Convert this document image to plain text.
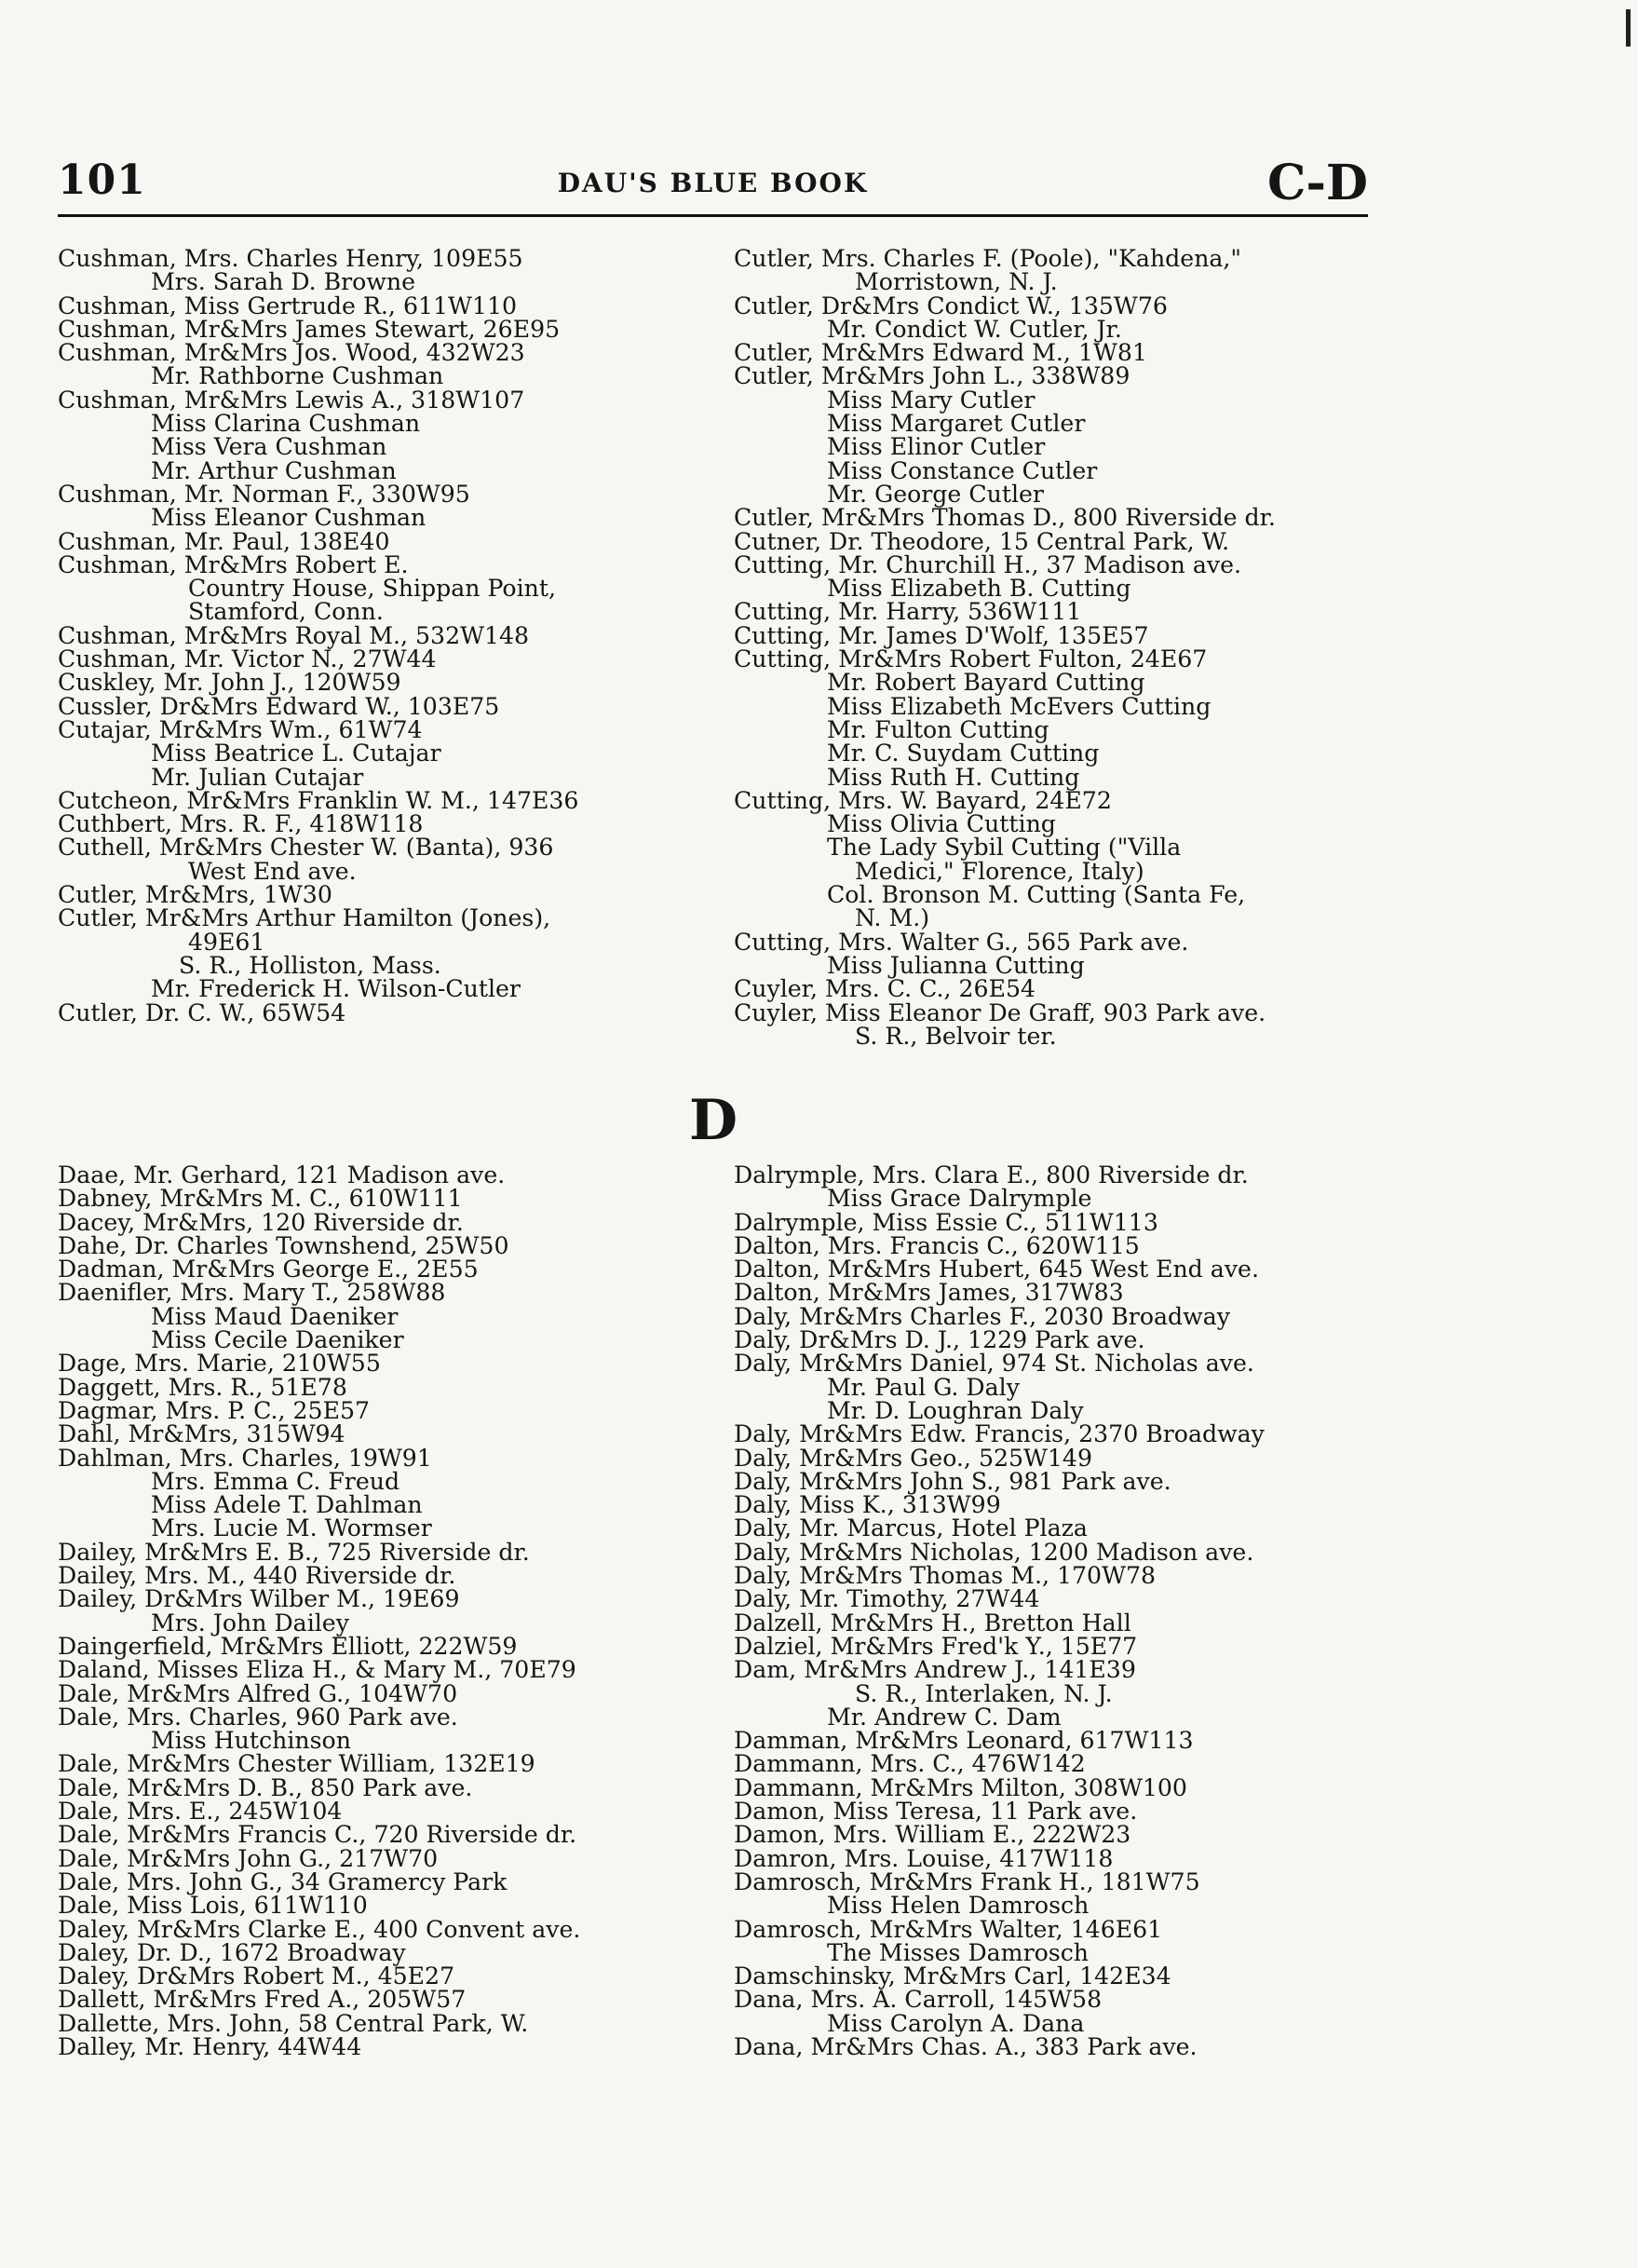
101	DAU'S BLUE BOOK	C-D
Cushman, Mrs. Charles Henry, 109E55
Mrs. Sarah D. Browne
Cushman, Miss Gertrude R., 611W110
Cushman, Mr&Mrs James Stewart, 26E95
Cushman, Mr&Mrs Jos. Wood, 432W23
Mr. Rathborne Cushman
Cushman, Mr&Mrs Lewis A., 318W107
Miss Clarina Cushman
Miss Vera Cushman
Mr. Arthur Cushman
Cushman, Mr. Norman F., 330W95
Miss Eleanor Cushman
Cushman, Mr. Paul, 138E40
Cushman, Mr&Mrs Robert E.
Country House, Shippan Point,
Stamford, Conn.
Cushman, Mr&Mrs Royal M., 532W148
Cushman, Mr. Victor N., 27W44
Cuskley, Mr. John J., 120W59
Cussler, Dr&Mrs Edward W., 103E75
Cutajar, Mr&Mrs Wm., 61W74
Miss Beatrice L. Cutajar
Mr. Julian Cutajar
Cutcheon, Mr&Mrs Franklin W. M., 147E36
Cuthbert, Mrs. R. F., 418W118
Cuthell, Mr&Mrs Chester W. (Banta), 936
West End ave.
Cutler, Mr&Mrs, 1W30
Cutler, Mr&Mrs Arthur Hamilton (Jones),
49E61
S. R., Holliston, Mass.
Mr. Frederick H. Wilson-Cutler
Cutler, Dr. C. W., 65W54
Cutler, Mrs. Charles F. (Poole), "Kahdena,"
Morristown, N. J.
Cutler, Dr&Mrs Condict W., 135W76
Mr. Condict W. Cutler, Jr.
Cutler, Mr&Mrs Edward M., 1W81
Cutler, Mr&Mrs John L., 338W89
Miss Mary Cutler
Miss Margaret Cutler
Miss Elinor Cutler
Miss Constance Cutler
Mr. George Cutler
Cutler, Mr&Mrs Thomas D., 800 Riverside dr.
Cutner, Dr. Theodore, 15 Central Park, W.
Cutting, Mr. Churchill H., 37 Madison ave.
Miss Elizabeth B. Cutting
Cutting, Mr. Harry, 536W111
Cutting, Mr. James D'Wolf, 135E57
Cutting, Mr&Mrs Robert Fulton, 24E67
Mr. Robert Bayard Cutting
Miss Elizabeth McEvers Cutting
Mr. Fulton Cutting
Mr. C. Suydam Cutting
Miss Ruth H. Cutting
Cutting, Mrs. W. Bayard, 24E72
Miss Olivia Cutting
The Lady Sybil Cutting ("Villa
Medici," Florence, Italy)
Col. Bronson M. Cutting (Santa Fe,
N. M.)
Cutting, Mrs. Walter G., 565 Park ave.
Miss Julianna Cutting
Cuyler, Mrs. C. C., 26E54
Cuyler, Miss Eleanor De Graff, 903 Park ave.
S. R., Belvoir ter.
D
Daae, Mr. Gerhard, 121 Madison ave.
Dabney, Mr&Mrs M. C., 610W111
Dacey, Mr&Mrs, 120 Riverside dr.
Dahe, Dr. Charles Townshend, 25W50
Dadman, Mr&Mrs George E., 2E55
Daenifler, Mrs. Mary T., 258W88
Miss Maud Daeniker
Miss Cecile Daeniker
Dage, Mrs. Marie, 210W55
Daggett, Mrs. R., 51E78
Dagmar, Mrs. P. C., 25E57
Dahl, Mr&Mrs, 315W94
Dahlman, Mrs. Charles, 19W91
Mrs. Emma C. Freud
Miss Adele T. Dahlman
Mrs. Lucie M. Wormser
Dailey, Mr&Mrs E. B., 725 Riverside dr.
Dailey, Mrs. M., 440 Riverside dr.
Dailey, Dr&Mrs Wilber M., 19E69
Mrs. John Dailey
Daingerfield, Mr&Mrs Elliott, 222W59
Daland, Misses Eliza H., & Mary M., 70E79
Dale, Mr&Mrs Alfred G., 104W70
Dale, Mrs. Charles, 960 Park ave.
Miss Hutchinson
Dale, Mr&Mrs Chester William, 132E19
Dale, Mr&Mrs D. B., 850 Park ave.
Dale, Mrs. E., 245W104
Dale, Mr&Mrs Francis C., 720 Riverside dr.
Dale, Mr&Mrs John G., 217W70
Dale, Mrs. John G., 34 Gramercy Park
Dale, Miss Lois, 611W110
Daley, Mr&Mrs Clarke E., 400 Convent ave.
Daley, Dr. D., 1672 Broadway
Daley, Dr&Mrs Robert M., 45E27
Dallett, Mr&Mrs Fred A., 205W57
Dallette, Mrs. John, 58 Central Park, W.
Dalley, Mr. Henry, 44W44
Dalrymple, Mrs. Clara E., 800 Riverside dr.
Miss Grace Dalrymple
Dalrymple, Miss Essie C., 511W113
Dalton, Mrs. Francis C., 620W115
Dalton, Mr&Mrs Hubert, 645 West End ave.
Dalton, Mr&Mrs James, 317W83
Daly, Mr&Mrs Charles F., 2030 Broadway
Daly, Dr&Mrs D. J., 1229 Park ave.
Daly, Mr&Mrs Daniel, 974 St. Nicholas ave.
Mr. Paul G. Daly
Mr. D. Loughran Daly
Daly, Mr&Mrs Edw. Francis, 2370 Broadway
Daly, Mr&Mrs Geo., 525W149
Daly, Mr&Mrs John S., 981 Park ave.
Daly, Miss K., 313W99
Daly, Mr. Marcus, Hotel Plaza
Daly, Mr&Mrs Nicholas, 1200 Madison ave.
Daly, Mr&Mrs Thomas M., 170W78
Daly, Mr. Timothy, 27W44
Dalzell, Mr&Mrs H., Bretton Hall
Dalziel, Mr&Mrs Fred'k Y., 15E77
Dam, Mr&Mrs Andrew J., 141E39
S. R., Interlaken, N. J.
Mr. Andrew C. Dam
Damman, Mr&Mrs Leonard, 617W113
Dammann, Mrs. C., 476W142
Dammann, Mr&Mrs Milton, 308W100
Damon, Miss Teresa, 11 Park ave.
Damon, Mrs. William E., 222W23
Damron, Mrs. Louise, 417W118
Damrosch, Mr&Mrs Frank H., 181W75
Miss Helen Damrosch
Damrosch, Mr&Mrs Walter, 146E61
The Misses Damrosch
Damschinsky, Mr&Mrs Carl, 142E34
Dana, Mrs. A. Carroll, 145W58
Miss Carolyn A. Dana
Dana, Mr&Mrs Chas. A., 383 Park ave.
